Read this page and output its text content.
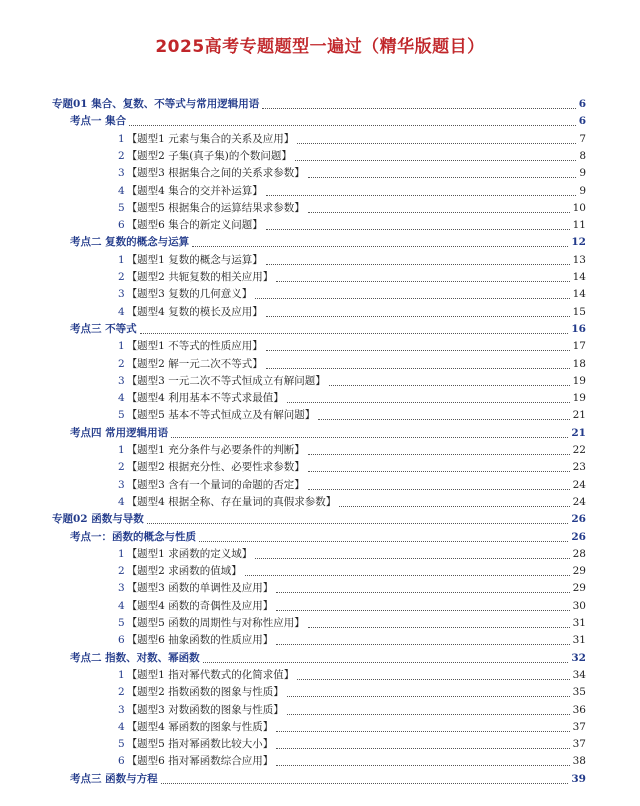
2025高考专题题型一遍过（精华版题目）
专题01 集合、复数、不等式与常用逻辑用语	6
考点一 集合	6
1 【题型1 元素与集合的关系及应用】	7
2 【题型2 子集(真子集)的个数问题】	8
3 【题型3 根据集合之间的关系求参数】	9
4 【题型4 集合的交并补运算】	9
5 【题型5 根据集合的运算结果求参数】	10
6 【题型6 集合的新定义问题】	11
考点二 复数的概念与运算	12
1 【题型1 复数的概念与运算】	13
2 【题型2 共轭复数的相关应用】	14
3 【题型3 复数的几何意义】	14
4 【题型4 复数的模长及应用】	15
考点三 不等式	16
1 【题型1 不等式的性质应用】	17
2 【题型2 解一元二次不等式】	18
3 【题型3 一元二次不等式恒成立有解问题】	19
4 【题型4 利用基本不等式求最值】	19
5 【题型5 基本不等式恒成立及有解问题】	21
考点四 常用逻辑用语	21
1 【题型1 充分条件与必要条件的判断】	22
2 【题型2 根据充分性、必要性求参数】	23
3 【题型3 含有一个量词的命题的否定】	24
4 【题型4 根据全称、存在量词的真假求参数】	24
专题02 函数与导数	26
考点一：函数的概念与性质	26
1 【题型1 求函数的定义域】	28
2 【题型2 求函数的值域】	29
3 【题型3 函数的单调性及应用】	29
4 【题型4 函数的奇偶性及应用】	30
5 【题型5 函数的周期性与对称性应用】	31
6 【题型6 抽象函数的性质应用】	31
考点二 指数、对数、幂函数	32
1 【题型1 指对幂代数式的化简求值】	34
2 【题型2 指数函数的图象与性质】	35
3 【题型3 对数函数的图象与性质】	36
4 【题型4 幂函数的图象与性质】	37
5 【题型5 指对幂函数比较大小】	37
6 【题型6 指对幂函数综合应用】	38
考点三 函数与方程	39
